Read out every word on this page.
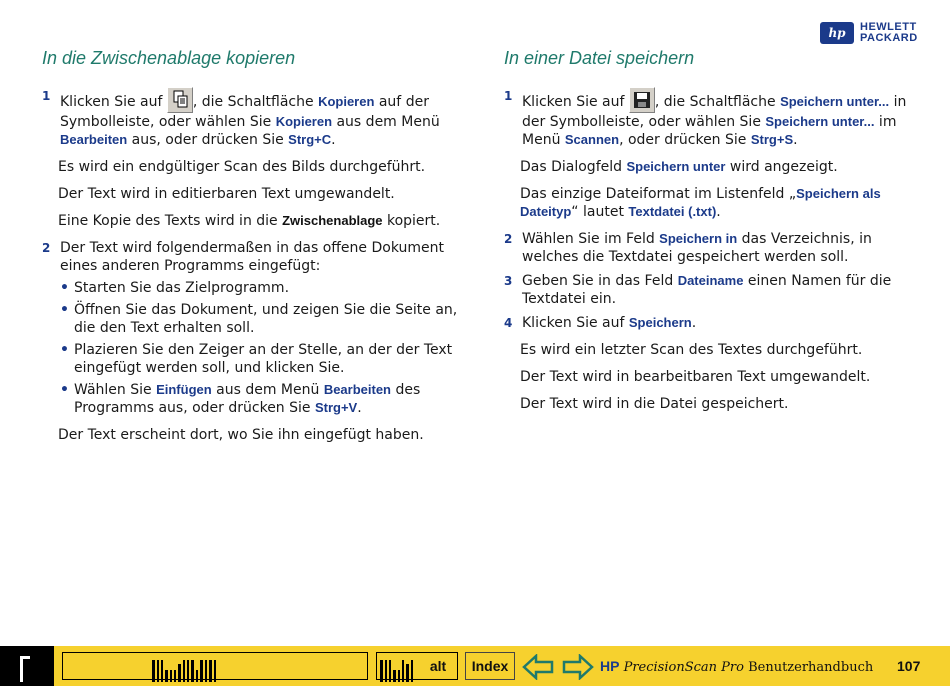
hp	HEWLETT
PACKARD
In die Zwischenablage kopieren
1 Klicken Sie auf , die Schaltfläche Kopieren auf der Symbolleiste, oder wählen Sie Kopieren aus dem Menü Bearbeiten aus, oder drücken Sie Strg+C.
Es wird ein endgültiger Scan des Bilds durchgeführt.
Der Text wird in editierbaren Text umgewandelt.
Eine Kopie des Texts wird in die Zwischenablage kopiert.
2 Der Text wird folgendermaßen in das offene Dokument eines anderen Programms eingefügt:
• Starten Sie das Zielprogramm.
• Öffnen Sie das Dokument, und zeigen Sie die Seite an, die den Text erhalten soll.
• Plazieren Sie den Zeiger an der Stelle, an der der Text eingefügt werden soll, und klicken Sie.
• Wählen Sie Einfügen aus dem Menü Bearbeiten des Programms aus, oder drücken Sie Strg+V.
Der Text erscheint dort, wo Sie ihn eingefügt haben.
In einer Datei speichern
1 Klicken Sie auf , die Schaltfläche Speichern unter... in der Symbolleiste, oder wählen Sie Speichern unter... im Menü Scannen, oder drücken Sie Strg+S.
Das Dialogfeld Speichern unter wird angezeigt.
Das einzige Dateiformat im Listenfeld „Speichern als Dateityp“ lautet Textdatei (.txt).
2 Wählen Sie im Feld Speichern in das Verzeichnis, in welches die Textdatei gespeichert werden soll.
3 Geben Sie in das Feld Dateiname einen Namen für die Textdatei ein.
4 Klicken Sie auf Speichern.
Es wird ein letzter Scan des Textes durchgeführt.
Der Text wird in bearbeitbaren Text umgewandelt.
Der Text wird in die Datei gespeichert.
alt	Index	HP PrecisionScan Pro Benutzerhandbuch 107
